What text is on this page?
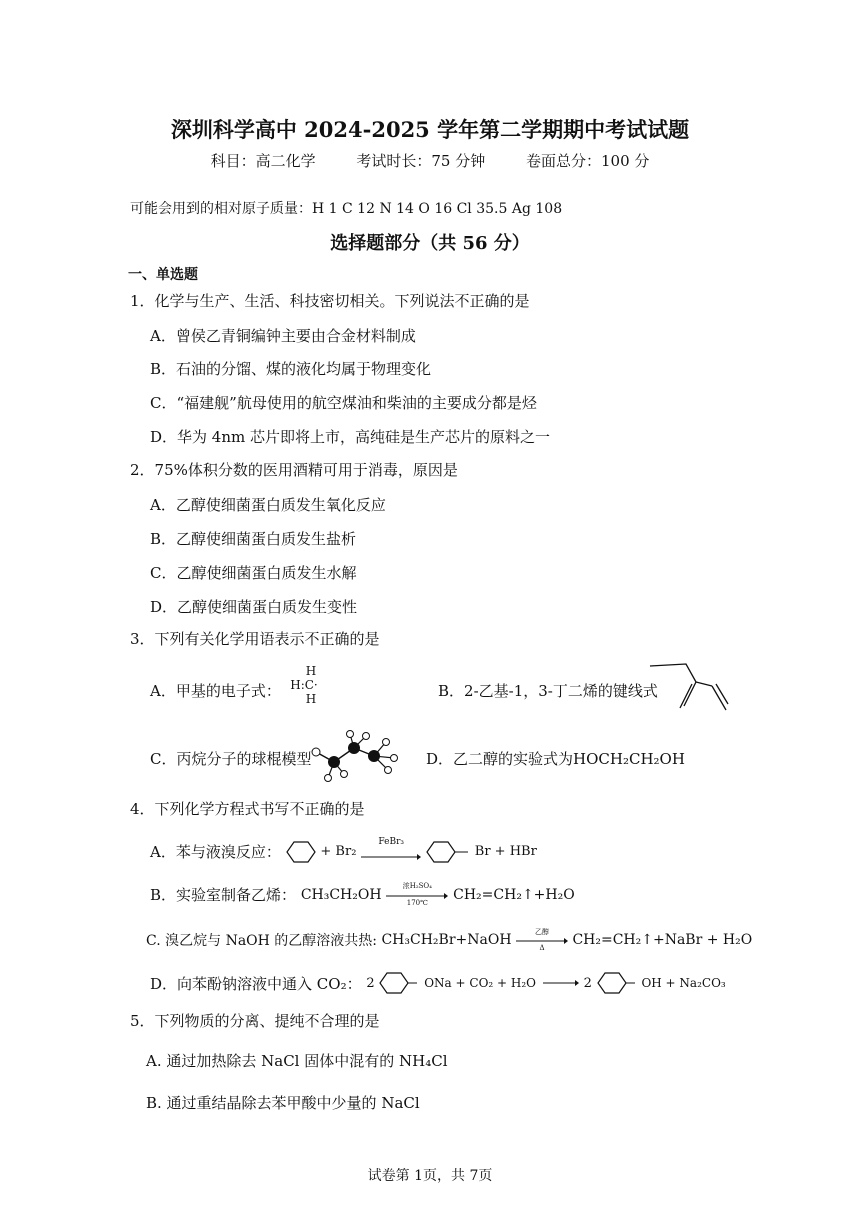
深圳科学高中 2024-2025 学年第二学期期中考试试题
科目：高二化学	考试时长：75 分钟	卷面总分：100 分
可能会用到的相对原子质量：H 1 C 12 N 14 O 16 Cl 35.5 Ag 108
选择题部分（共 56 分）
一、单选题
1．化学与生产、生活、科技密切相关。下列说法不正确的是
A．曾侯乙青铜编钟主要由合金材料制成
B．石油的分馏、煤的液化均属于物理变化
C．“福建舰”航母使用的航空煤油和柴油的主要成分都是烃
D．华为 4nm 芯片即将上市，高纯硅是生产芯片的原料之一
2．75%体积分数的医用酒精可用于消毒，原因是
A．乙醇使细菌蛋白质发生氧化反应
B．乙醇使细菌蛋白质发生盐析
C．乙醇使细菌蛋白质发生水解
D．乙醇使细菌蛋白质发生变性
3．下列有关化学用语表示不正确的是
A．甲基的电子式：
H
H:C·
H	B．2-乙基-1，3-丁二烯的键线式
C．丙烷分子的球棍模型	D．乙二醇的实验式为HOCH₂CH₂OH
4．下列化学方程式书写不正确的是
A．苯与液溴反应：	+ Br₂
FeBr₃
Br + HBr
B．实验室制备乙烯： CH₃CH₂OH
浓H₂SO₄
170℃
CH₂=CH₂↑+H₂O
C. 溴乙烷与 NaOH 的乙醇溶液共热: CH₃CH₂Br+NaOH	乙醇
Δ	CH₂=CH₂↑+NaBr + H₂O
D．向苯酚钠溶液中通入 CO₂： 2	ONa + CO₂ + H₂O → 2	OH + Na₂CO₃
5．下列物质的分离、提纯不合理的是
A. 通过加热除去 NaCl 固体中混有的 NH₄Cl
B. 通过重结晶除去苯甲酸中少量的 NaCl
试卷第 1页，共 7页
